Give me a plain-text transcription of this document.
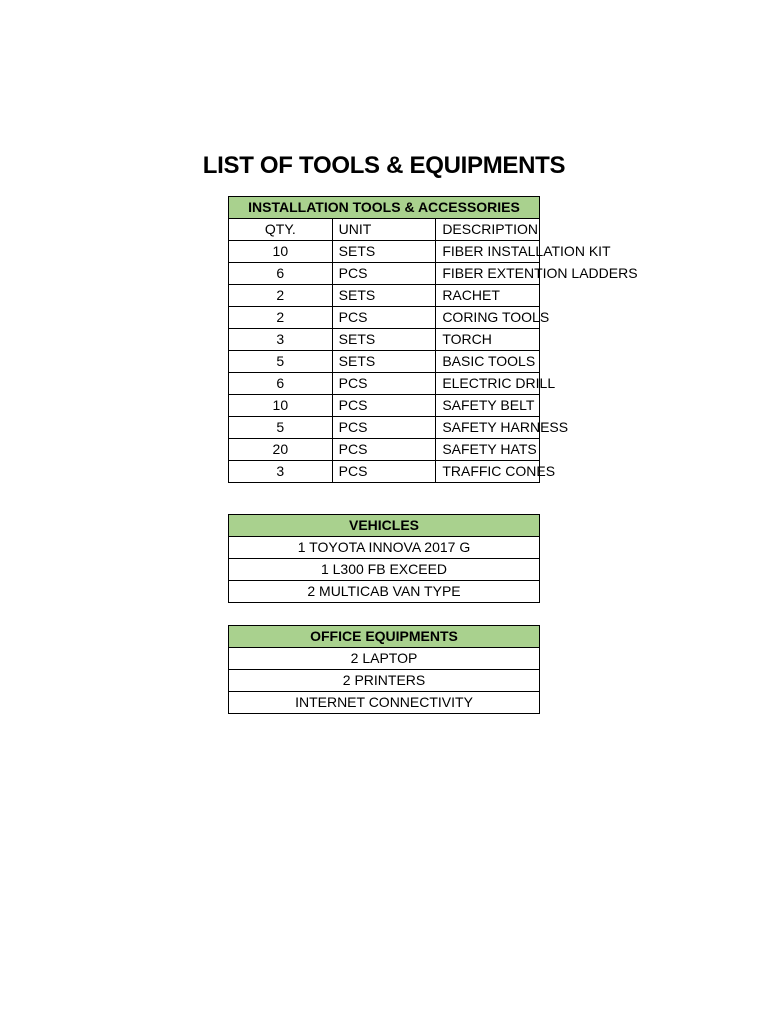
LIST OF TOOLS & EQUIPMENTS
INSTALLATION TOOLS & ACCESSORIES		
QTY.	UNIT	DESCRIPTION
10	SETS	FIBER INSTALLATION KIT
6	PCS	FIBER EXTENTION LADDERS
2	SETS	RACHET
2	PCS	CORING TOOLS
3	SETS	TORCH
5	SETS	BASIC TOOLS
6	PCS	ELECTRIC DRILL
10	PCS	SAFETY BELT
5	PCS	SAFETY HARNESS
20	PCS	SAFETY HATS
3	PCS	TRAFFIC CONES
VEHICLES
1 TOYOTA INNOVA 2017 G
1 L300 FB EXCEED
2 MULTICAB VAN TYPE
OFFICE EQUIPMENTS
2 LAPTOP
2 PRINTERS
INTERNET CONNECTIVITY
